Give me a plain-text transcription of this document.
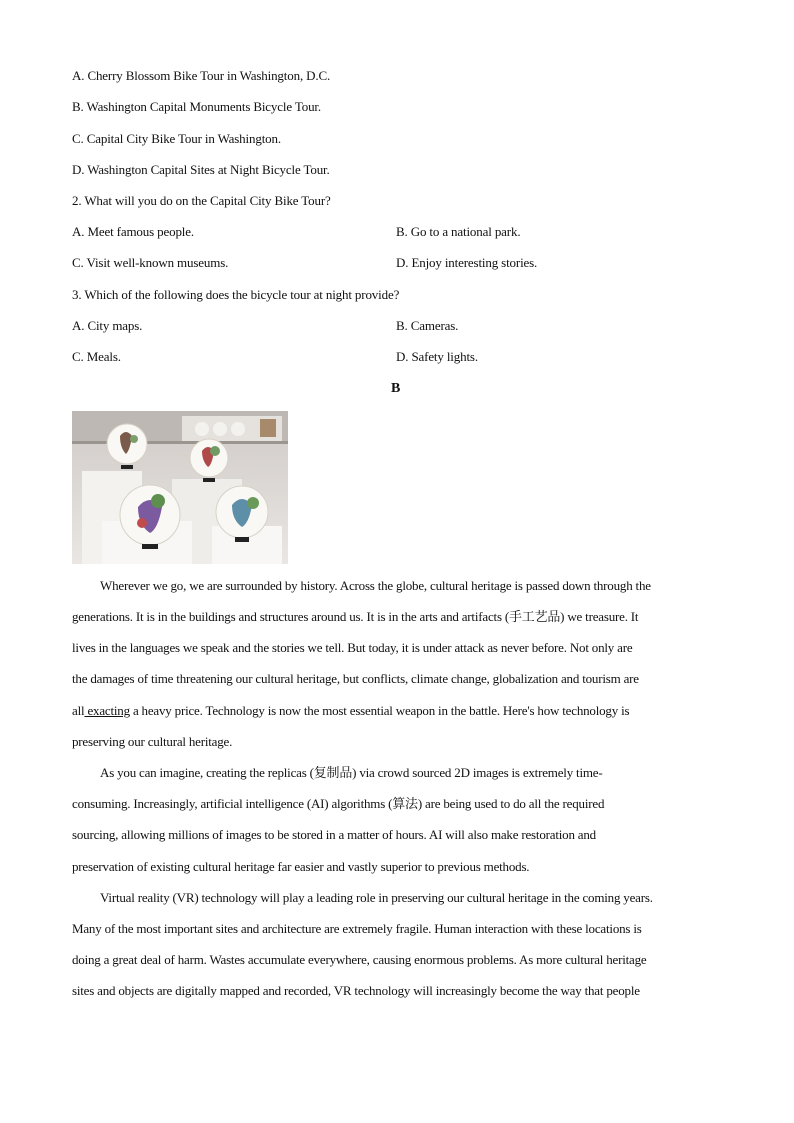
A. Cherry Blossom Bike Tour in Washington, D.C.
B. Washington Capital Monuments Bicycle Tour.
C. Capital City Bike Tour in Washington.
D. Washington Capital Sites at Night Bicycle Tour.
2. What will you do on the Capital City Bike Tour?
A. Meet famous people.	B. Go to a national park.
C. Visit well-known museums.	D. Enjoy interesting stories.
3. Which of the following does the bicycle tour at night provide?
A. City maps.	B. Cameras.
C. Meals.	D. Safety lights.
B
Wherever we go, we are surrounded by history. Across the globe, cultural heritage is passed down through the
generations. It is in the buildings and structures around us. It is in the arts and artifacts (手工艺品) we treasure. It
lives in the languages we speak and the stories we tell. But today, it is under attack as never before. Not only are
the damages of time threatening our cultural heritage, but conflicts, climate change, globalization and tourism are
all exacting a heavy price. Technology is now the most essential weapon in the battle. Here's how technology is
preserving our cultural heritage.
As you can imagine, creating the replicas (复制品) via crowd sourced 2D images is extremely time-
consuming. Increasingly, artificial intelligence (AI) algorithms (算法) are being used to do all the required
sourcing, allowing millions of images to be stored in a matter of hours. AI will also make restoration and
preservation of existing cultural heritage far easier and vastly superior to previous methods.
Virtual reality (VR) technology will play a leading role in preserving our cultural heritage in the coming years.
Many of the most important sites and architecture are extremely fragile. Human interaction with these locations is
doing a great deal of harm. Wastes accumulate everywhere, causing enormous problems. As more cultural heritage
sites and objects are digitally mapped and recorded, VR technology will increasingly become the way that people
